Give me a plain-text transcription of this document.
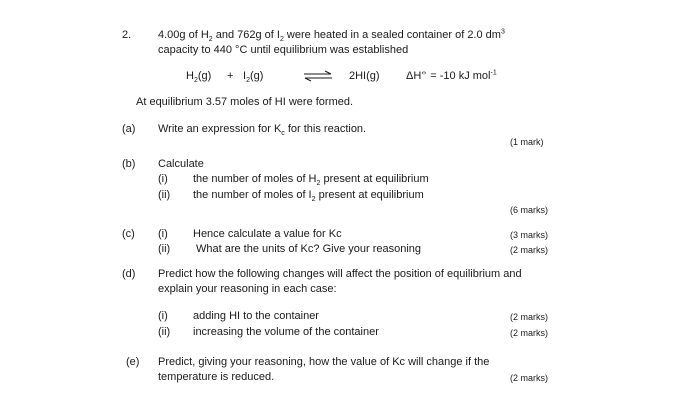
2. 4.00g of $H_2$ and 762g of $I_2$ were heated in a sealed container of 2.0 $dm^3$
capacity to 440 °C until equilibrium was established
$H_2(g) + I_2(g)$ ⇌ 2HI(g) ΔH⦵ = -10 kJ mol$^{-1}$
At equilibrium 3.57 moles of HI were formed.
(a) Write an expression for $K_c$ for this reaction.
(1 mark)
(b) Calculate
(i) the number of moles of $H_2$ present at equilibrium
(ii) the number of moles of $I_2$ present at equilibrium
(6 marks)
(c) (i) Hence calculate a value for Kc	(3 marks)
(ii) What are the units of Kc? Give your reasoning	(2 marks)
(d) Predict how the following changes will affect the position of equilibrium and
explain your reasoning in each case:
(i) adding HI to the container	(2 marks)
(ii) increasing the volume of the container	(2 marks)
(e) Predict, giving your reasoning, how the value of Kc will change if the
temperature is reduced.	(2 marks)
